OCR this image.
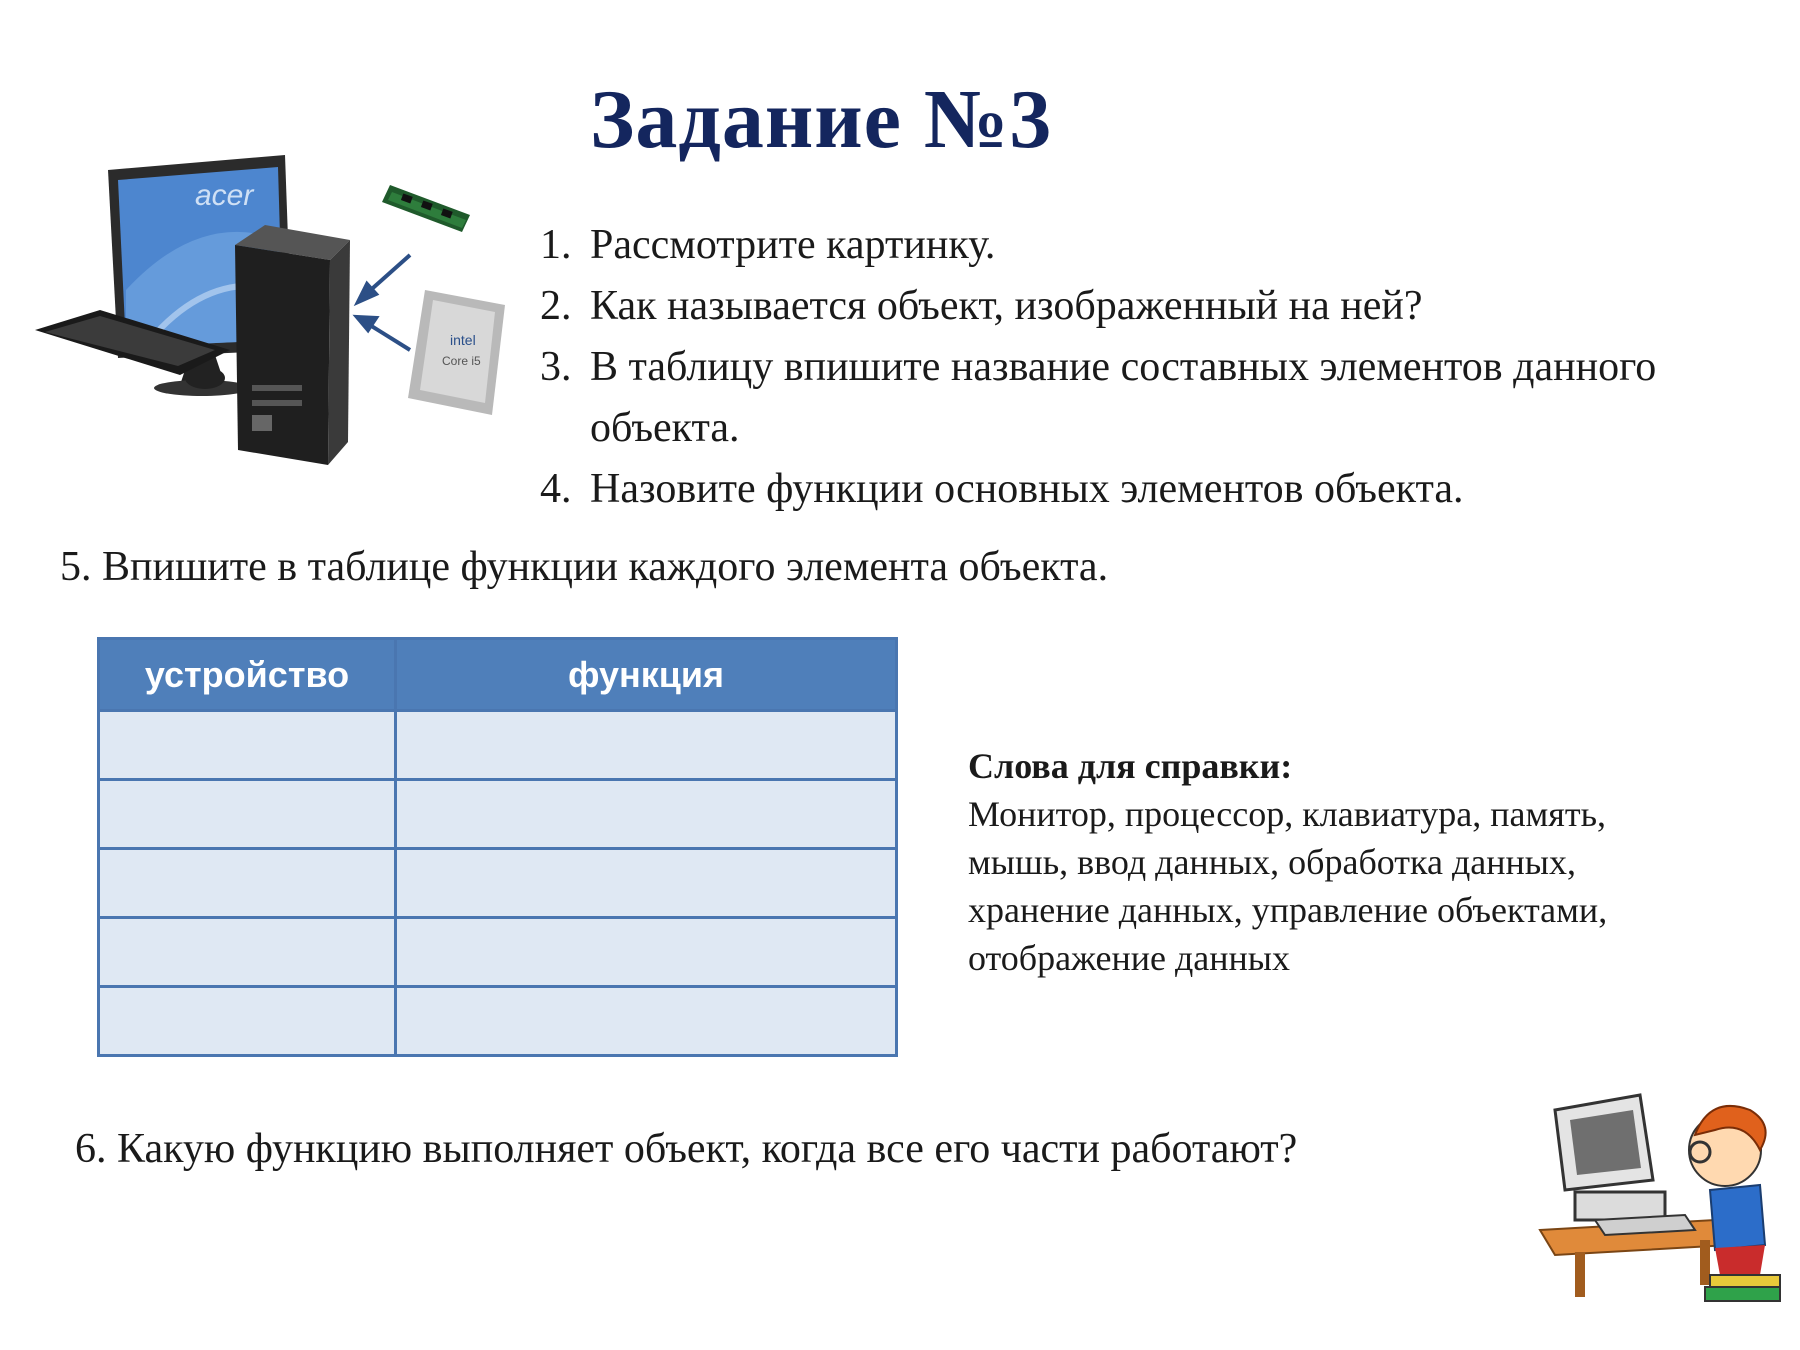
Задание №3
acer
intel
Core i5
1. Рассмотрите картинку.
2. Как называется объект, изображенный на ней?
3. В таблицу впишите название составных элементов данного объекта.
4. Назовите функции основных элементов объекта.
5. Впишите в таблице функции каждого элемента объекта.
устройство	функция

Слова для справки:
Монитор, процессор, клавиатура, память,
мышь, ввод данных, обработка данных,
хранение данных, управление объектами,
отображение данных
6. Какую функцию выполняет объект, когда все его части работают?
